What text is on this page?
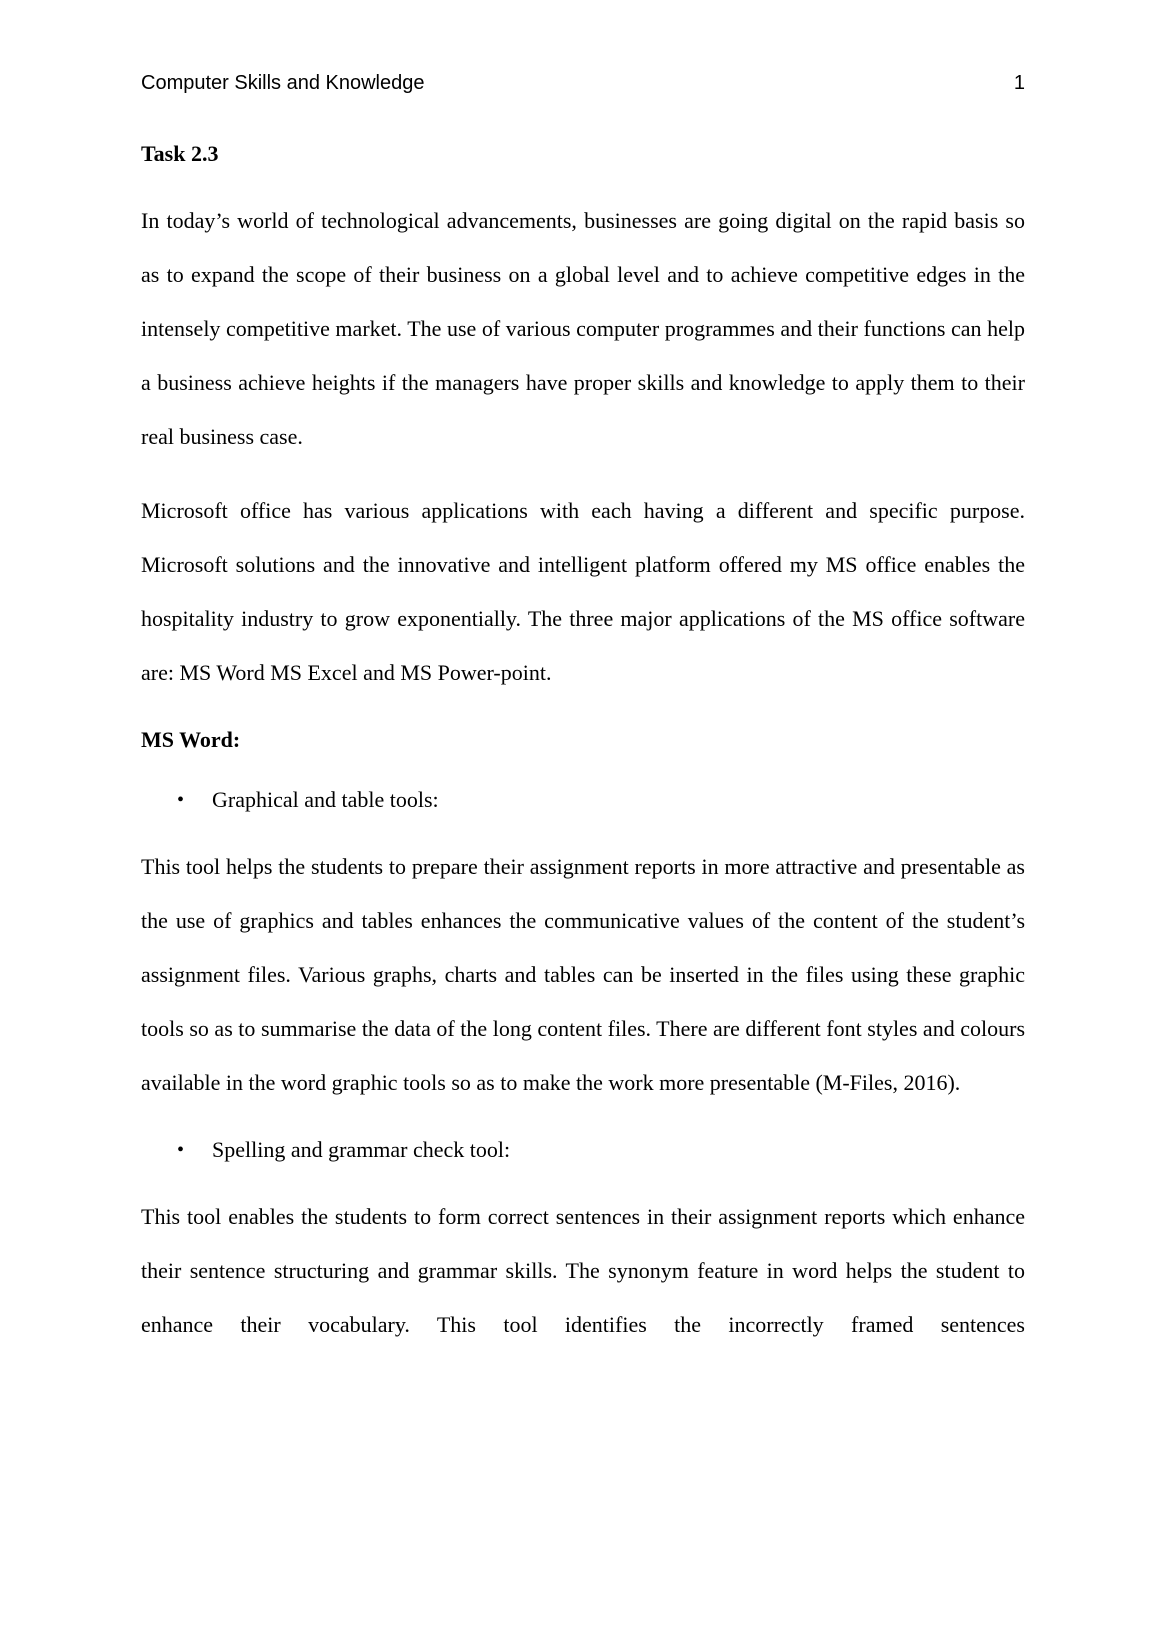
Computer Skills and Knowledge	1

Task 2.3

In today’s world of technological advancements, businesses are going digital on the rapid basis so as to expand the scope of their business on a global level and to achieve competitive edges in the intensely competitive market. The use of various computer programmes and their functions can help a business achieve heights if the managers have proper skills and knowledge to apply them to their real business case.

Microsoft office has various applications with each having a different and specific purpose. Microsoft solutions and the innovative and intelligent platform offered my MS office enables the hospitality industry to grow exponentially. The three major applications of the MS office software are: MS Word MS Excel and MS Power-point.

MS Word:

• Graphical and table tools:

This tool helps the students to prepare their assignment reports in more attractive and presentable as the use of graphics and tables enhances the communicative values of the content of the student’s assignment files. Various graphs, charts and tables can be inserted in the files using these graphic tools so as to summarise the data of the long content files. There are different font styles and colours available in the word graphic tools so as to make the work more presentable (M-Files, 2016).

• Spelling and grammar check tool:

This tool enables the students to form correct sentences in their assignment reports which enhance their sentence structuring and grammar skills. The synonym feature in word helps the student to enhance their vocabulary. This tool identifies the incorrectly framed sentences
